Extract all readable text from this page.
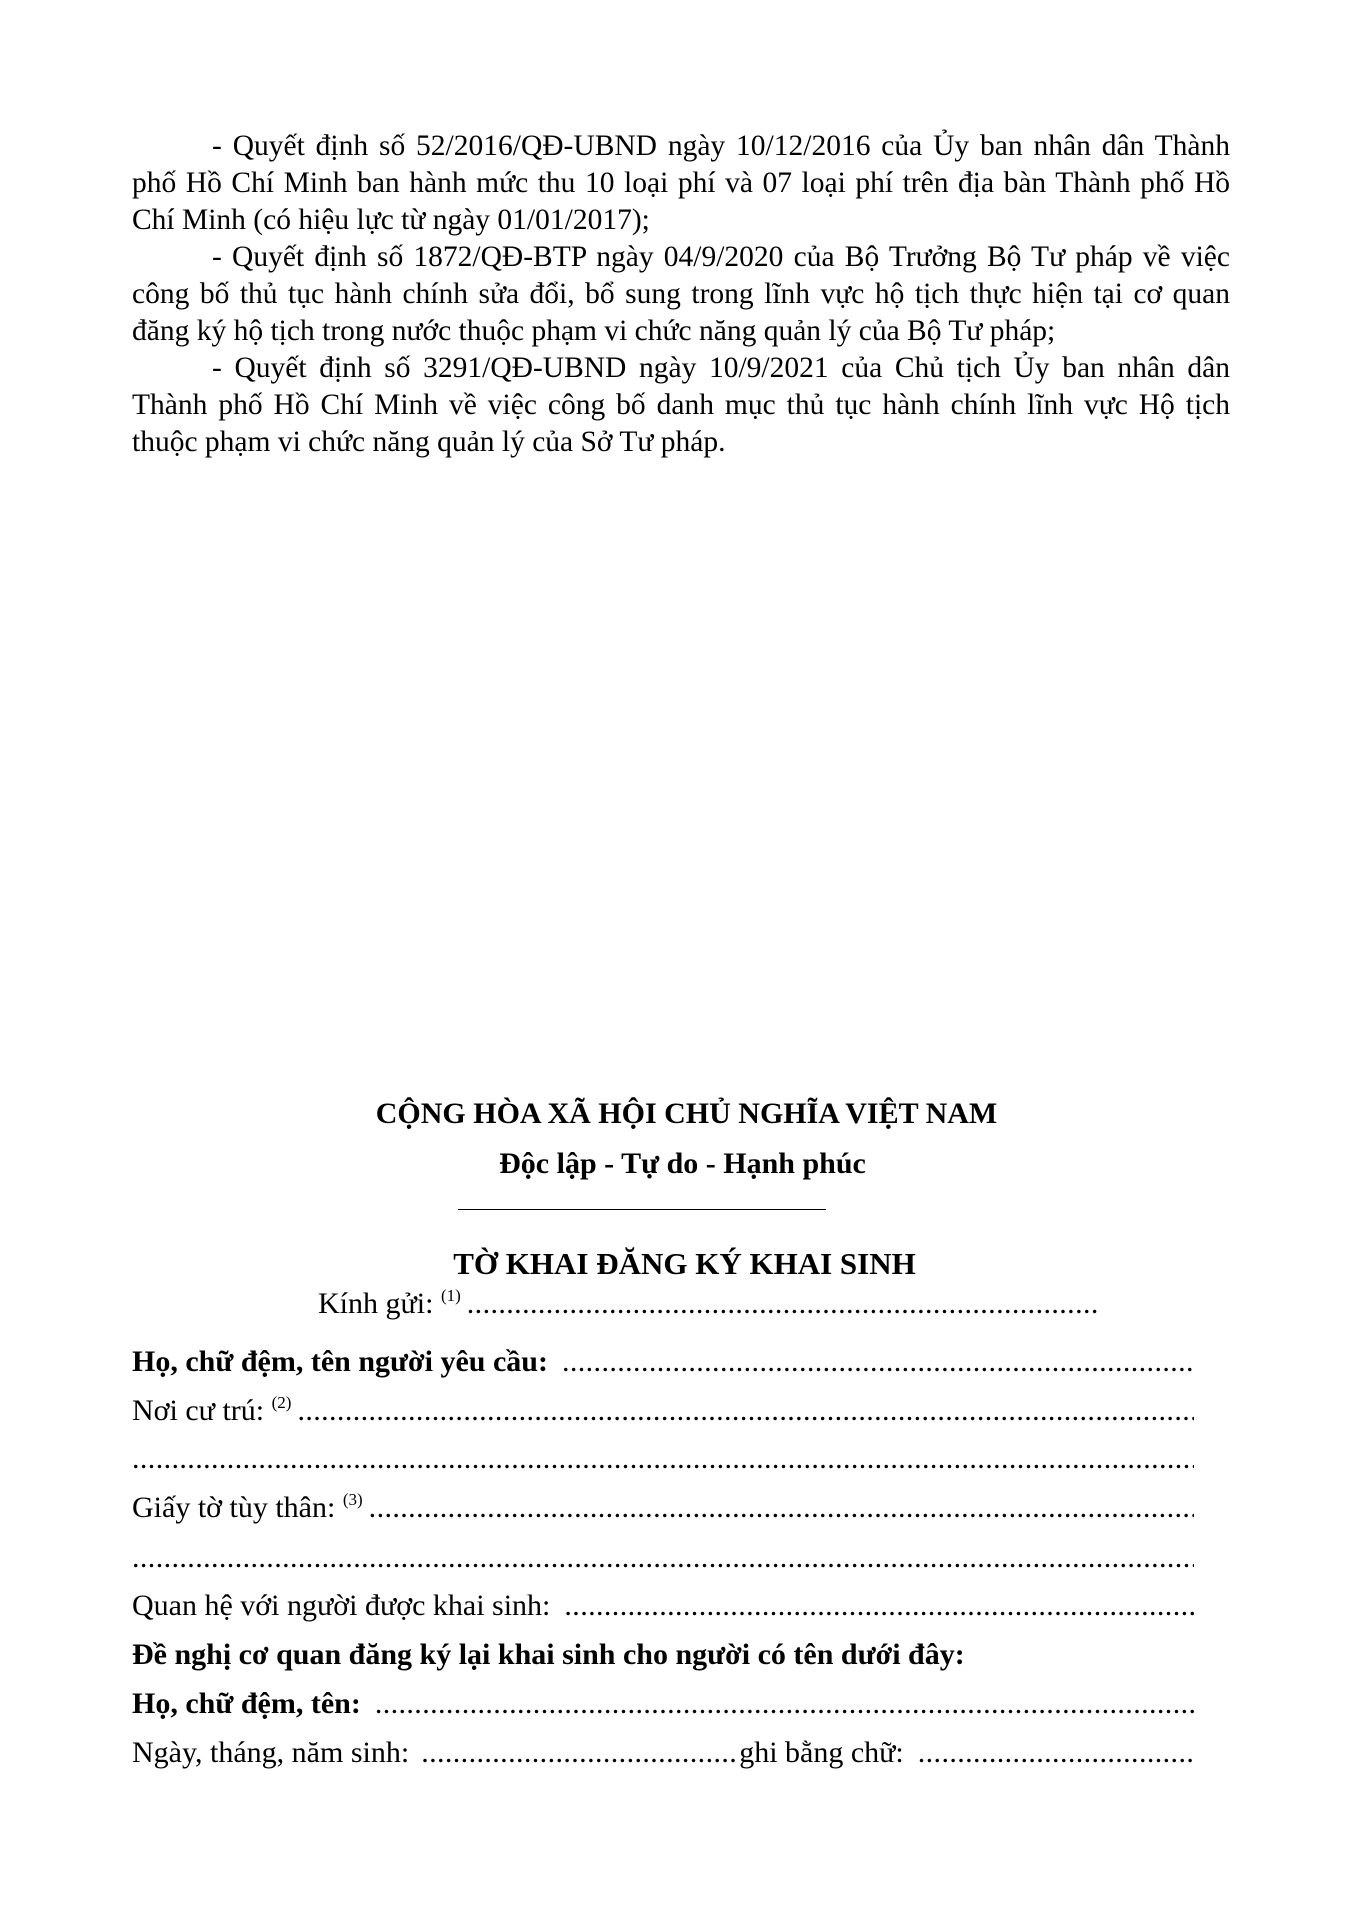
- Quyết định số 52/2016/QĐ-UBND ngày 10/12/2016 của Ủy ban nhân dân Thành phố Hồ Chí Minh ban hành mức thu 10 loại phí và 07 loại phí trên địa bàn Thành phố Hồ Chí Minh (có hiệu lực từ ngày 01/01/2017);

- Quyết định số 1872/QĐ-BTP ngày 04/9/2020 của Bộ Trưởng Bộ Tư pháp về việc công bố thủ tục hành chính sửa đổi, bổ sung trong lĩnh vực hộ tịch thực hiện tại cơ quan đăng ký hộ tịch trong nước thuộc phạm vi chức năng quản lý của Bộ Tư pháp;

- Quyết định số 3291/QĐ-UBND ngày 10/9/2021 của Chủ tịch Ủy ban nhân dân Thành phố Hồ Chí Minh về việc công bố danh mục thủ tục hành chính lĩnh vực Hộ tịch thuộc phạm vi chức năng quản lý của Sở Tư pháp.

CỘNG HÒA XÃ HỘI CHỦ NGHĨA VIỆT NAM
Độc lập - Tự do - Hạnh phúc
TỜ KHAI ĐĂNG KÝ KHAI SINH
Kính gửi: $^{(1)}$
.....
Họ, chữ đệm, tên người yêu cầu:
.....
Nơi cư trú: $^{(2)}$
.....
.....
Giấy tờ tùy thân: $^{(3)}$
.....
.....
Quan hệ với người được khai sinh:
.....
Đề nghị cơ quan đăng ký lại khai sinh cho người có tên dưới đây:
Họ, chữ đệm, tên:
.....
Ngày, tháng, năm sinh:
.....	ghi bằng chữ:
.....
